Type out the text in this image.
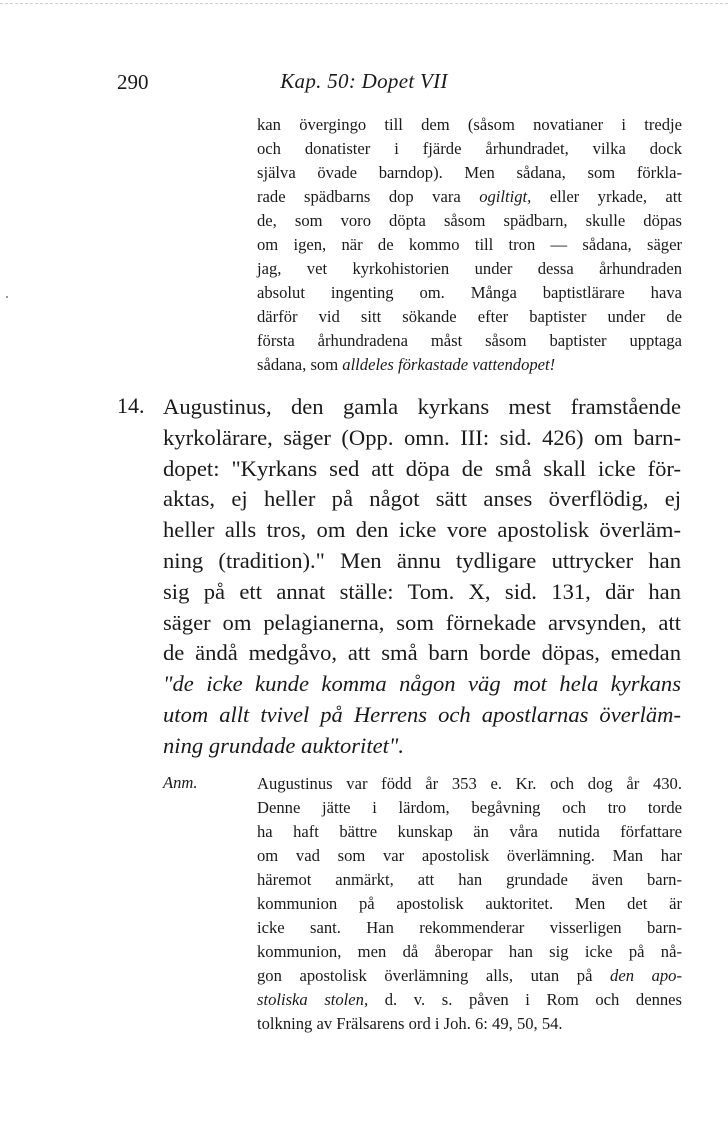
290	Kap. 50: Dopet VII
kan övergingo till dem (såsom novatianer i tredje
och donatister i fjärde århundradet, vilka dock
själva övade barndop). Men sådana, som förkla-
rade spädbarns dop vara ogiltigt, eller yrkade, att
de, som voro döpta såsom spädbarn, skulle döpas
om igen, när de kommo till tron — sådana, säger
jag, vet kyrkohistorien under dessa århundraden
absolut ingenting om. Många baptistlärare hava
därför vid sitt sökande efter baptister under de
första århundradena måst såsom baptister upptaga
sådana, som alldeles förkastade vattendopet!
14. Augustinus, den gamla kyrkans mest framstående
kyrkolärare, säger (Opp. omn. III: sid. 426) om barn-
dopet: "Kyrkans sed att döpa de små skall icke för-
aktas, ej heller på något sätt anses överflödig, ej
heller alls tros, om den icke vore apostolisk överläm-
ning (tradition)." Men ännu tydligare uttrycker han
sig på ett annat ställe: Tom. X, sid. 131, där han
säger om pelagianerna, som förnekade arvsynden, att
de ändå medgåvo, att små barn borde döpas, emedan
"de icke kunde komma någon väg mot hela kyrkans
utom allt tvivel på Herrens och apostlarnas överläm-
ning grundade auktoritet".
Anm.	Augustinus var född år 353 e. Kr. och dog år 430.
Denne jätte i lärdom, begåvning och tro torde
ha haft bättre kunskap än våra nutida författare
om vad som var apostolisk överlämning. Man har
häremot anmärkt, att han grundade även barn-
kommunion på apostolisk auktoritet. Men det är
icke sant. Han rekommenderar visserligen barn-
kommunion, men då åberopar han sig icke på nå-
gon apostolisk överlämning alls, utan på den apo-
stoliska stolen, d. v. s. påven i Rom och dennes
tolkning av Frälsarens ord i Joh. 6: 49, 50, 54.
